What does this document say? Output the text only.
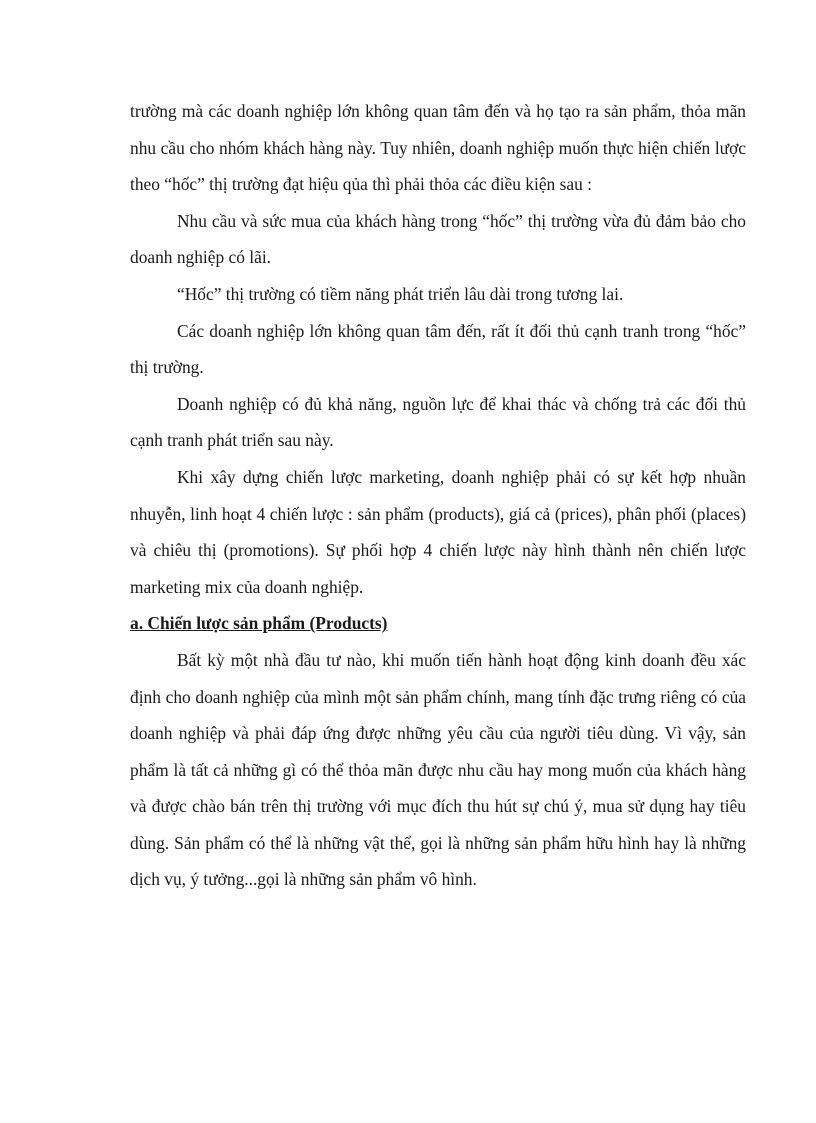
trường mà các doanh nghiệp lớn không quan tâm đến và họ tạo ra sản phẩm, thỏa mãn nhu cầu cho nhóm khách hàng này. Tuy nhiên, doanh nghiệp muốn thực hiện chiến lược theo “hốc” thị trường đạt hiệu qủa thì phải thỏa các điều kiện sau :

Nhu cầu và sức mua của khách hàng trong “hốc” thị trường vừa đủ đảm bảo cho doanh nghiệp có lãi.

“Hốc” thị trường có tiềm năng phát triển lâu dài trong tương lai.

Các doanh nghiệp lớn không quan tâm đến, rất ít đối thủ cạnh tranh trong “hốc” thị trường.

Doanh nghiệp có đủ khả năng, nguồn lực để khai thác và chống trả các đối thủ cạnh tranh phát triển sau này.

Khi xây dựng chiến lược marketing, doanh nghiệp phải có sự kết hợp nhuần nhuyễn, linh hoạt 4 chiến lược : sản phẩm (products), giá cả (prices), phân phối (places) và chiêu thị (promotions). Sự phối hợp 4 chiến lược này hình thành nên chiến lược marketing mix của doanh nghiệp.

a. Chiến lược sản phẩm (Products)

Bất kỳ một nhà đầu tư nào, khi muốn tiến hành hoạt động kinh doanh đều xác định cho doanh nghiệp của mình một sản phẩm chính, mang tính đặc trưng riêng có của doanh nghiệp và phải đáp ứng được những yêu cầu của người tiêu dùng. Vì vậy, sản phẩm là tất cả những gì có thể thỏa mãn được nhu cầu hay mong muốn của khách hàng và được chào bán trên thị trường với mục đích thu hút sự chú ý, mua sử dụng hay tiêu dùng. Sản phẩm có thể là những vật thể, gọi là những sản phẩm hữu hình hay là những dịch vụ, ý tưởng...gọi là những sản phẩm vô hình.
